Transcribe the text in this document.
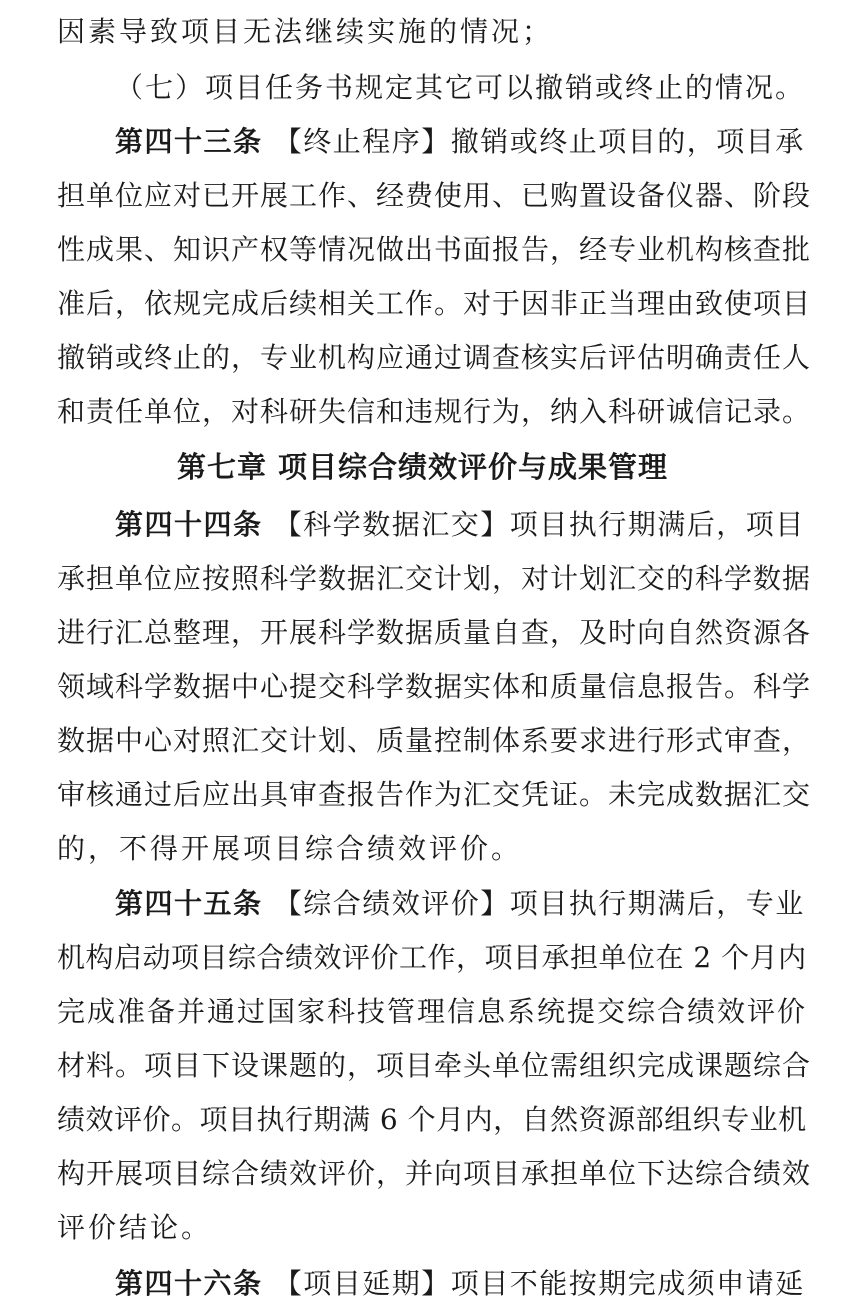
因素导致项目无法继续实施的情况；
（七）项目任务书规定其它可以撤销或终止的情况。
第四十三条 【终止程序】撤销或终止项目的，项目承
担单位应对已开展工作、经费使用、已购置设备仪器、阶段
性成果、知识产权等情况做出书面报告，经专业机构核查批
准后，依规完成后续相关工作。对于因非正当理由致使项目
撤销或终止的，专业机构应通过调查核实后评估明确责任人
和责任单位，对科研失信和违规行为，纳入科研诚信记录。
第七章 项目综合绩效评价与成果管理
第四十四条 【科学数据汇交】项目执行期满后，项目
承担单位应按照科学数据汇交计划，对计划汇交的科学数据
进行汇总整理，开展科学数据质量自查，及时向自然资源各
领域科学数据中心提交科学数据实体和质量信息报告。科学
数据中心对照汇交计划、质量控制体系要求进行形式审查，
审核通过后应出具审查报告作为汇交凭证。未完成数据汇交
的，不得开展项目综合绩效评价。
第四十五条 【综合绩效评价】项目执行期满后，专业
机构启动项目综合绩效评价工作，项目承担单位在 2 个月内
完成准备并通过国家科技管理信息系统提交综合绩效评价
材料。项目下设课题的，项目牵头单位需组织完成课题综合
绩效评价。项目执行期满 6 个月内，自然资源部组织专业机
构开展项目综合绩效评价，并向项目承担单位下达综合绩效
评价结论。
第四十六条 【项目延期】项目不能按期完成须申请延
